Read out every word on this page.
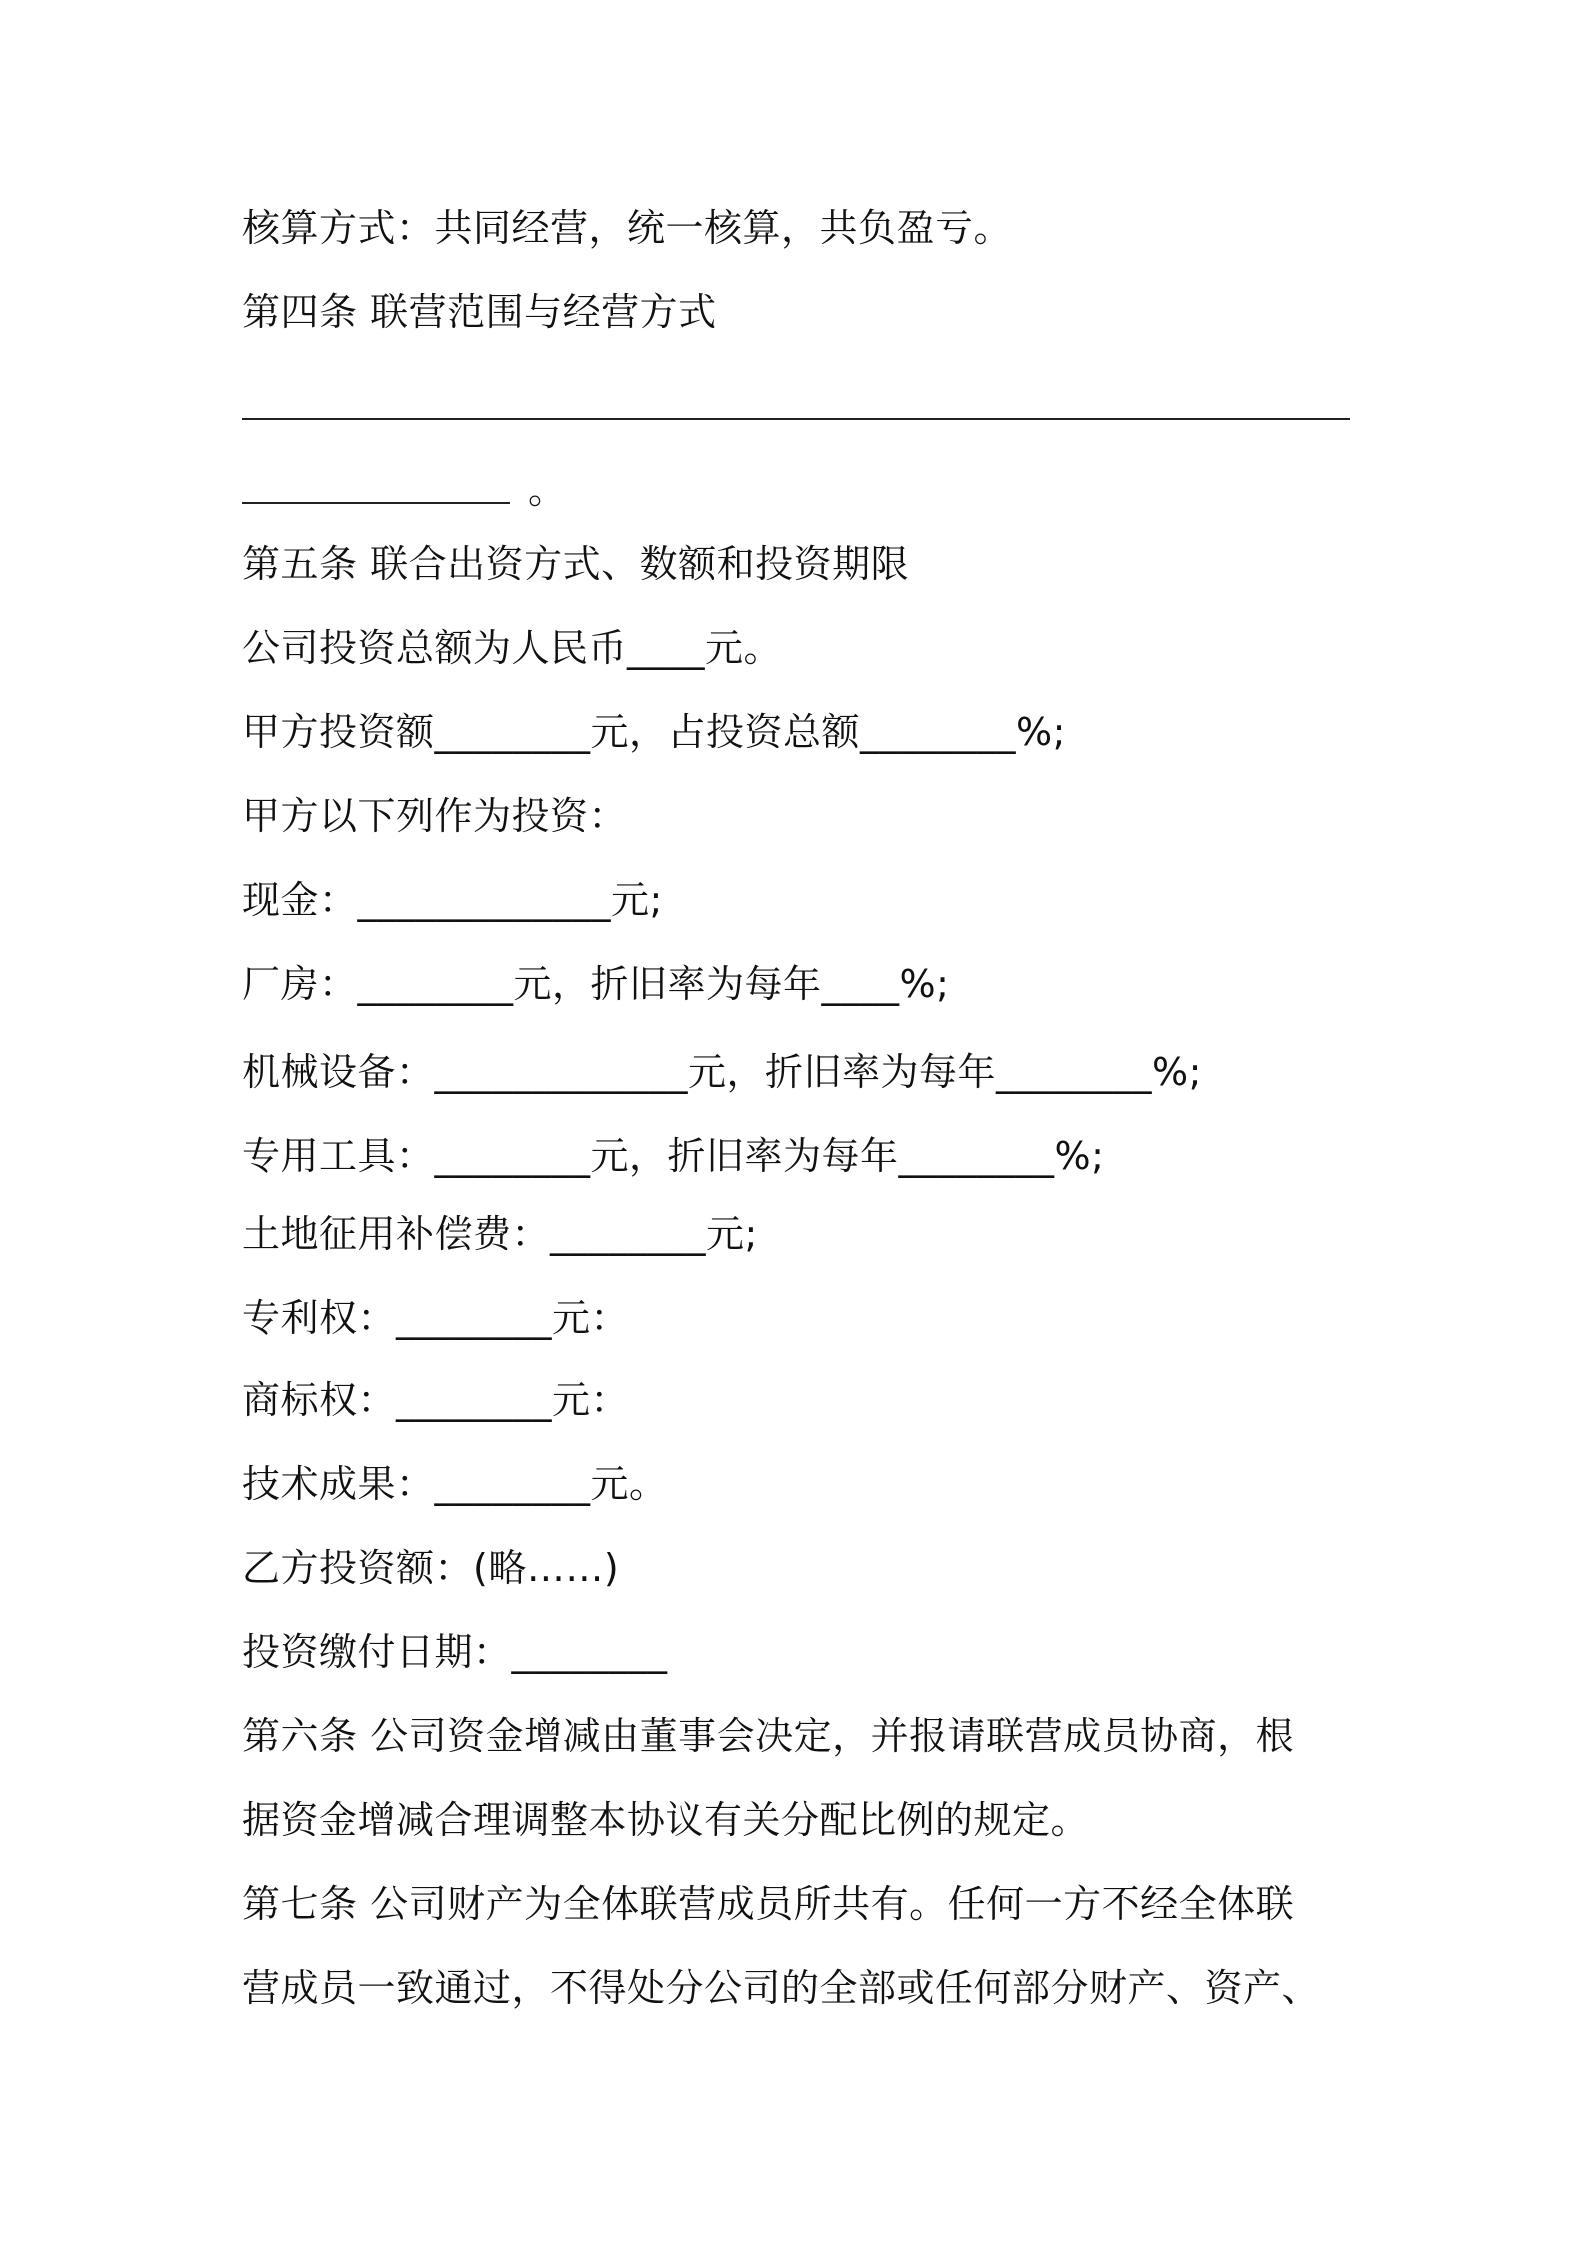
核算方式：共同经营，统一核算，共负盈亏。
第四条 联营范围与经营方式
。
第五条 联合出资方式、数额和投资期限
公司投资总额为人民币____元。
甲方投资额________元，占投资总额________%;
甲方以下列作为投资：
现金：_____________元;
厂房：________元，折旧率为每年____%;
机械设备：_____________元，折旧率为每年________%;
专用工具：________元，折旧率为每年________%;
土地征用补偿费：________元;
专利权：________元：
商标权：________元：
技术成果：________元。
乙方投资额：(略……)
投资缴付日期：________
第六条 公司资金增减由董事会决定，并报请联营成员协商，根
据资金增减合理调整本协议有关分配比例的规定。
第七条 公司财产为全体联营成员所共有。任何一方不经全体联
营成员一致通过，不得处分公司的全部或任何部分财产、资产、
